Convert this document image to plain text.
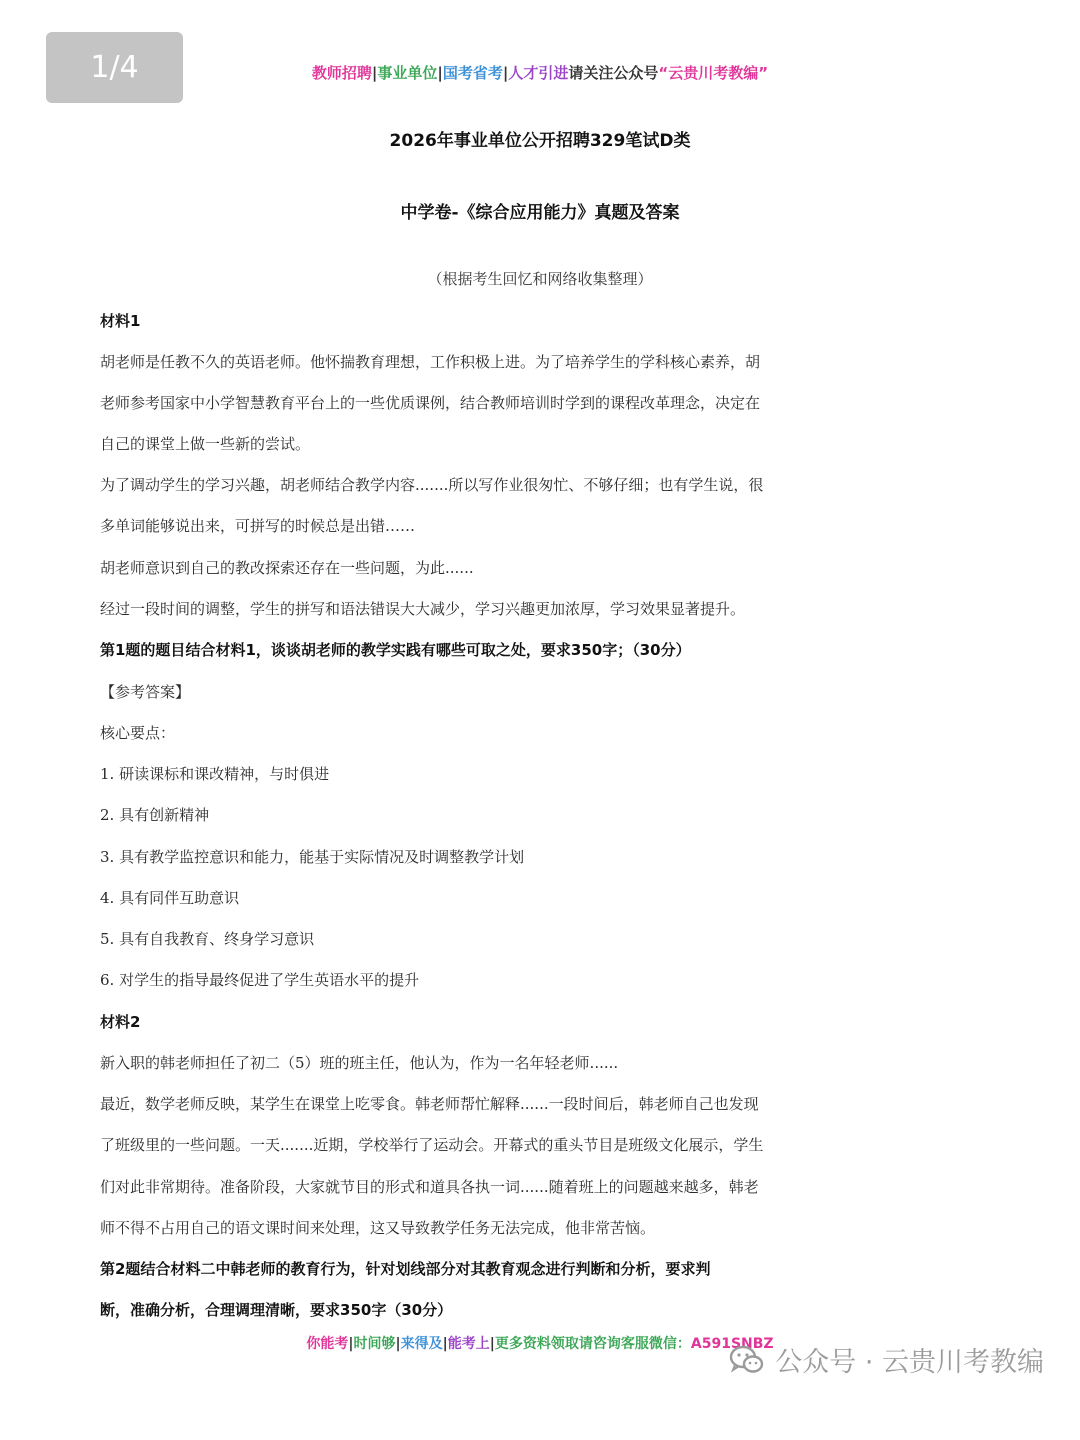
1/4	教师招聘|事业单位|国考省考|人才引进请关注公众号“云贵川考教编”
2026年事业单位公开招聘329笔试D类
中学卷-《综合应用能力》真题及答案
（根据考生回忆和网络收集整理）
材料1
胡老师是任教不久的英语老师。他怀揣教育理想，工作积极上进。为了培养学生的学科核心素养，胡
老师参考国家中小学智慧教育平台上的一些优质课例，结合教师培训时学到的课程改革理念，决定在
自己的课堂上做一些新的尝试。
为了调动学生的学习兴趣，胡老师结合教学内容.......所以写作业很匆忙、不够仔细；也有学生说，很
多单词能够说出来，可拼写的时候总是出错……
胡老师意识到自己的教改探索还存在一些问题，为此......
经过一段时间的调整，学生的拼写和语法错误大大减少，学习兴趣更加浓厚，学习效果显著提升。
第1题的题目结合材料1，谈谈胡老师的教学实践有哪些可取之处，要求350字；（30分）
【参考答案】
核心要点：
1. 研读课标和课改精神，与时俱进
2. 具有创新精神
3. 具有教学监控意识和能力，能基于实际情况及时调整教学计划
4. 具有同伴互助意识
5. 具有自我教育、终身学习意识
6. 对学生的指导最终促进了学生英语水平的提升
材料2
新入职的韩老师担任了初二（5）班的班主任，他认为，作为一名年轻老师......
最近，数学老师反映，某学生在课堂上吃零食。韩老师帮忙解释......一段时间后，韩老师自己也发现
了班级里的一些问题。一天.......近期，学校举行了运动会。开幕式的重头节目是班级文化展示，学生
们对此非常期待。准备阶段，大家就节目的形式和道具各执一词......随着班上的问题越来越多，韩老
师不得不占用自己的语文课时间来处理，这又导致教学任务无法完成，他非常苦恼。
第2题结合材料二中韩老师的教育行为，针对划线部分对其教育观念进行判断和分析，要求判
断，准确分析，合理调理清晰，要求350字（30分）
你能考|时间够|来得及|能考上|更多资料领取请咨询客服微信：A591SNBZ
公众号 · 云贵川考教编
